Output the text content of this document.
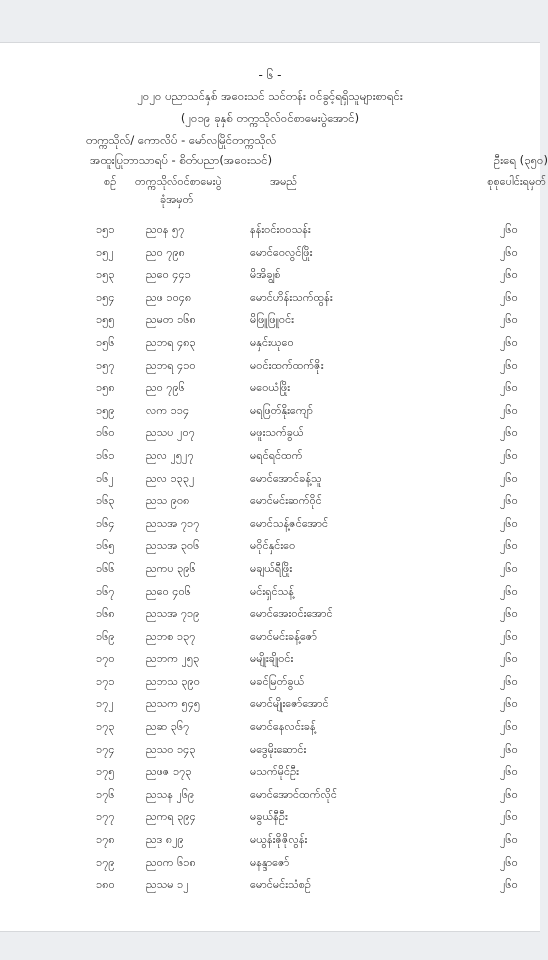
- ၆ -
၂၀၂၀ ပညာသင်နှစ် အဝေးသင် သင်တန်း ဝင်ခွင့်ရရှိသူများစာရင်း
(၂၀၁၉ ခုနှစ် တက္ကသိုလ်ဝင်စာမေးပွဲအောင်)
တက္ကသိုလ်/ ကောလိပ် - မော်လမြိုင်တက္ကသိုလ်
အထူးပြုဘာသာရပ် - စိတ်ပညာ(အဝေးသင်)	ဦးရေ (၃၅၀)
စဉ် တက္ကသိုလ်ဝင်စာမေးပွဲ
ခုံအမှတ်
အမည်	စုစုပေါင်းရမှတ်
၁၅၁	ညဝန ၅၇	နန်းဝင်းဝဝသန်း	၂၆၀
၁၅၂	ညဝ ၇၉၈	မောင်ဝေလွင်ဖြိုး	၂၆၀
၁၅၃	ညဝေ ၄၄၁	မိအိချွစ်	၂၆၀
၁၅၄	ညဖ ၁၀၄၈	မောင်ဟိန်းသက်ထွန်း	၂၆၀
၁၅၅	ညမတ ၁၆၈	မိဖြူဖြူဝင်း	၂၆၀
၁၅၆	ညဘရ ၄၈၃	မနှင်းယုဝေ	၂၆၀
၁၅၇	ညဘရ ၄၁၀	မဝင်းထက်ထက်ဇိုး	၂၆၀
၁၅၈	ညဝ ၇၉၆	မဝေယံဖြိုး	၂၆၀
၁၅၉	လက ၁၁၄	မရဖြတ်နိုးကျော်	၂၆၀
၁၆၀	ညသပ ၂၀၇	မဖူးသက်ခွယ်	၂၆၀
၁၆၁	ညလ ၂၅၂၇	မရင်ရင်ထက်	၂၆၀
၁၆၂	ညလ ၁၃၃၂	မောင်အောင်ခန့်သူ	၂၆၀
၁၆၃	ညသ ၉၀၈	မောင်မင်းဆက်ဝိုင်	၂၆၀
၁၆၄	ညသအ ၇၁၇	မောင်သန့်ဇင်အောင်	၂၆၀
၁၆၅	ညသအ ၃၀၆	မဝိုင်နှင်းဝေ	၂၆၀
၁၆၆	ညကပ ၃၉၆	မချယ်ရီဖြိုး	၂၆၀
၁၆၇	ညဝေ ၄၀၆	မင်းရှင်သန့်	၂၆၀
၁၆၈	ညသအ ၇၁၉	မောင်အေးဝင်းအောင်	၂၆၀
၁၆၉	ညဘစ ၁၃၇	မောင်မင်းခန့်ဇော်	၂၆၀
၁၇၀	ညဘက ၂၅၃	မမျိုးချိုဝင်း	၂၆၀
၁၇၁	ညဘသ ၃၉၀	မခင်မြတ်ခွယ်	၂၆၀
၁၇၂	ညသက ၅၄၅	မောင်မျိုးဇော်အောင်	၂၆၀
၁၇၃	ညဆ ၃၆၇	မောင်နေလင်းခန့်	၂၆၀
၁၇၄	ညသဝ ၁၄၃	မဒွေမိုးဆောင်း	၂၆၀
၁၇၅	ညဖဇ ၁၇၃	မသက်မိုင်ဦး	၂၆၀
၁၇၆	ညသန ၂၆၉	မောင်အောင်ထက်လိုင်	၂၆၀
၁၇၇	ညကရ ၃၉၄	မခွယ်နီဦး	၂၆၀
၁၇၈	ညဒ ၈၂၉	မယွန်းဇိုဇိုလွန်း	၂၆၀
၁၇၉	ညဝက ၆၁၈	မနန္ဒာဇော်	၂၆၀
၁၈၀	ညသမ ၁၂	မောင်မင်းသံစဉ်	၂၆၀
